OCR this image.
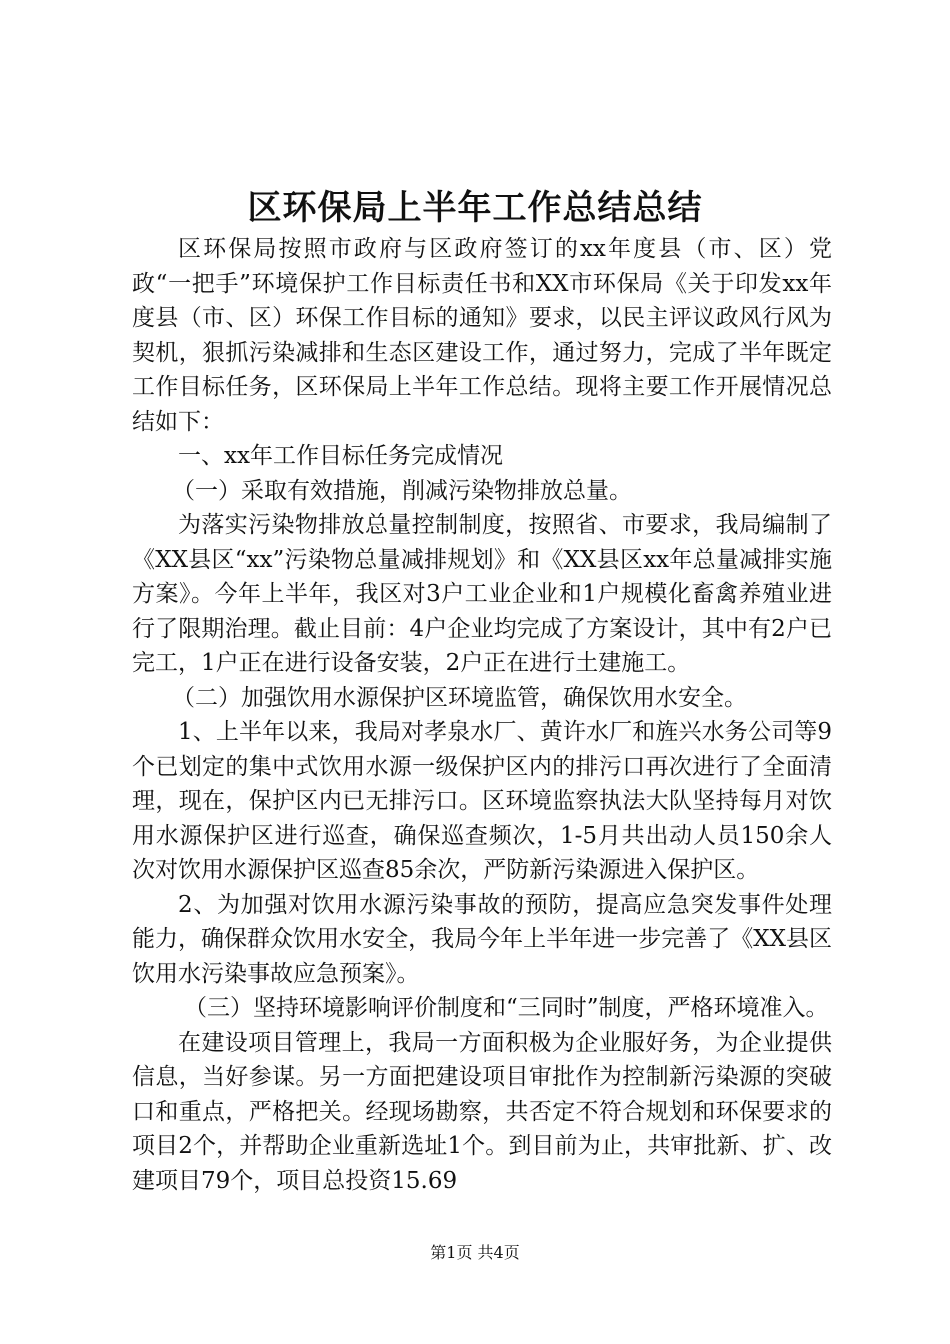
区环保局上半年工作总结总结

区环保局按照市政府与区政府签订的xx年度县（市、区）党政“一把手”环境保护工作目标责任书和XX市环保局《关于印发xx年度县（市、区）环保工作目标的通知》要求，以民主评议政风行风为契机，狠抓污染减排和生态区建设工作，通过努力，完成了半年既定工作目标任务，区环保局上半年工作总结。现将主要工作开展情况总结如下：

一、xx年工作目标任务完成情况

（一）采取有效措施，削减污染物排放总量。

为落实污染物排放总量控制制度，按照省、市要求，我局编制了《XX县区“xx”污染物总量减排规划》和《XX县区xx年总量减排实施方案》。今年上半年，我区对3户工业企业和1户规模化畜禽养殖业进行了限期治理。截止目前：4户企业均完成了方案设计，其中有2户已完工，1户正在进行设备安装，2户正在进行土建施工。

（二）加强饮用水源保护区环境监管，确保饮用水安全。

1、上半年以来，我局对孝泉水厂、黄许水厂和旌兴水务公司等9个已划定的集中式饮用水源一级保护区内的排污口再次进行了全面清理，现在，保护区内已无排污口。区环境监察执法大队坚持每月对饮用水源保护区进行巡查，确保巡查频次，1-5月共出动人员150余人次对饮用水源保护区巡查85余次，严防新污染源进入保护区。

2、为加强对饮用水源污染事故的预防，提高应急突发事件处理能力，确保群众饮用水安全，我局今年上半年进一步完善了《XX县区饮用水污染事故应急预案》。

（三）坚持环境影响评价制度和“三同时”制度，严格环境准入。

在建设项目管理上，我局一方面积极为企业服好务，为企业提供信息，当好参谋。另一方面把建设项目审批作为控制新污染源的突破口和重点，严格把关。经现场勘察，共否定不符合规划和环保要求的项目2个，并帮助企业重新选址1个。到目前为止，共审批新、扩、改建项目79个，项目总投资15.69

第1页 共4页
